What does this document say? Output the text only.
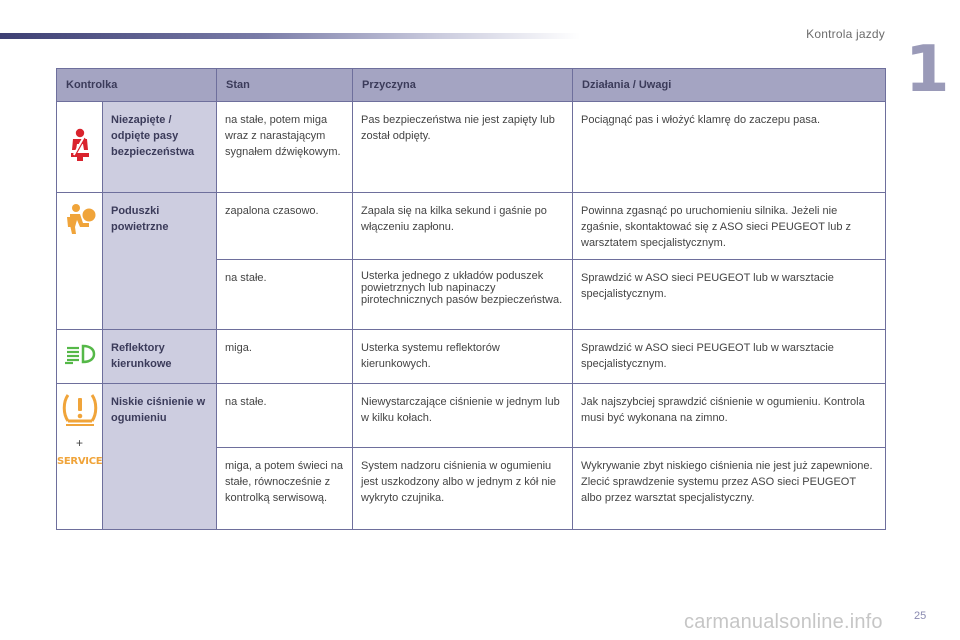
Kontrola jazdy 1
Kontrolka		Stan	Przyczyna	Działania / Uwagi
	Niezapięte / odpięte pasy bezpieczeństwa	na stałe, potem miga wraz z narastającym sygnałem dźwiękowym.	Pas bezpieczeństwa nie jest zapięty lub został odpięty.	Pociągnąć pas i włożyć klamrę do zaczepu pasa.
	Poduszki powietrzne	zapalona czasowo.	Zapala się na kilka sekund i gaśnie po włączeniu zapłonu.	Powinna zgasnąć po uruchomieniu silnika. Jeżeli nie zgaśnie, skontaktować się z ASO sieci PEUGEOT lub z warsztatem specjalistycznym.
		na stałe.	Usterka jednego z układów poduszek powietrznych lub napinaczy pirotechnicznych pasów bezpieczeństwa.	Sprawdzić w ASO sieci PEUGEOT lub w warsztacie specjalistycznym.
	Reflektory kierunkowe	miga.	Usterka systemu reflektorów kierunkowych.	Sprawdzić w ASO sieci PEUGEOT lub w warsztacie specjalistycznym.

+
SERVICE	Niskie ciśnienie w ogumieniu	na stałe.	Niewystarczające ciśnienie w jednym lub w kilku kołach.	Jak najszybciej sprawdzić ciśnienie w ogumieniu. Kontrola musi być wykonana na zimno.
		miga, a potem świeci na stałe, równocześnie z kontrolką serwisową.	System nadzoru ciśnienia w ogumieniu jest uszkodzony albo w jednym z kół nie wykryto czujnika.	Wykrywanie zbyt niskiego ciśnienia nie jest już zapewnione. Zlecić sprawdzenie systemu przez ASO sieci PEUGEOT albo przez warsztat specjalistyczny.
carmanualsonline.info	25
